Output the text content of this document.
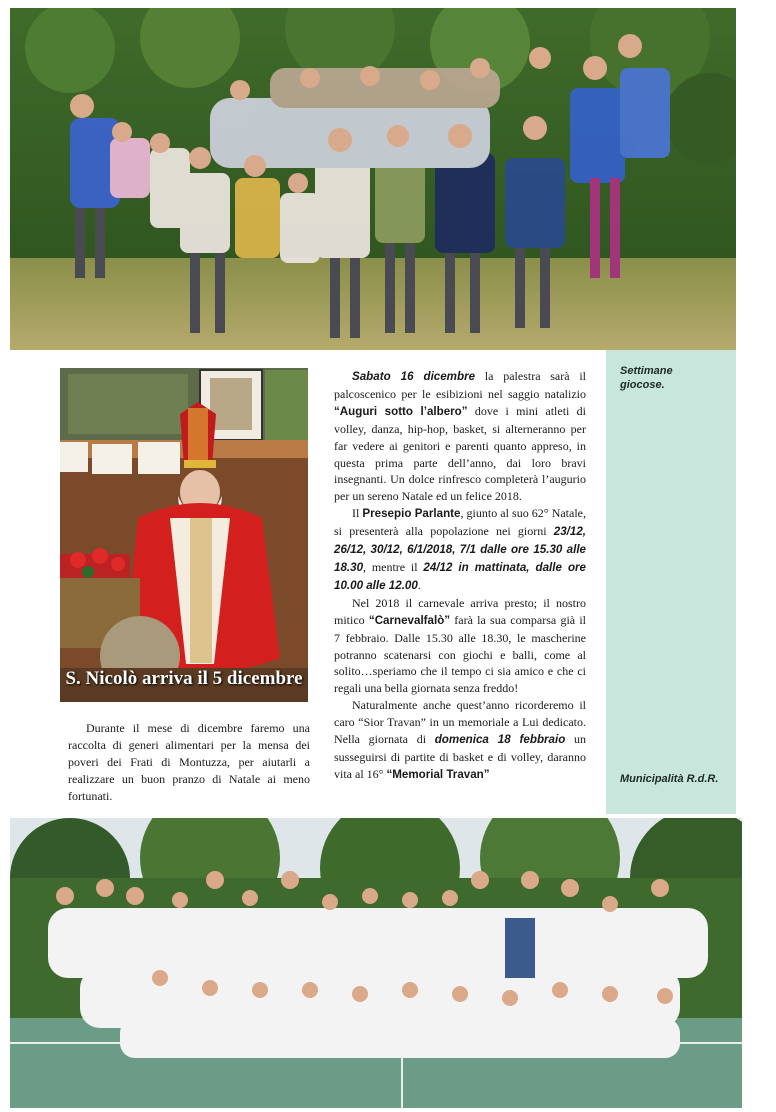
Settimane giocose.
Municipalità R.d.R.
S. Nicolò arriva il 5 dicembre
Durante il mese di dicembre faremo una raccolta di generi alimentari per la mensa dei poveri dei Frati di Montuzza, per aiutarli a realizzare un buon pranzo di Natale ai meno fortunati.

Sabato 16 dicembre la palestra sarà il palcoscenico per le esibizioni nel saggio natalizio “Auguri sotto l’albero” dove i mini atleti di volley, danza, hip-hop, basket, si alterneranno per far vedere ai genitori e parenti quanto appreso, in questa prima parte dell’anno, dai loro bravi insegnanti. Un dolce rinfresco completerà l’augurio per un sereno Natale ed un felice 2018.

Il Presepio Parlante, giunto al suo 62° Natale, si presenterà alla popolazione nei giorni 23/12, 26/12, 30/12, 6/1/2018, 7/1 dalle ore 15.30 alle 18.30, mentre il 24/12 in mattinata, dalle ore 10.00 alle 12.00.

Nel 2018 il carnevale arriva presto; il nostro mitico “Carnevalfalò” farà la sua comparsa già il 7 febbraio. Dalle 15.30 alle 18.30, le mascherine potranno scatenarsi con giochi e balli, come al solito…speriamo che il tempo ci sia amico e che ci regali una bella giornata senza freddo!

Naturalmente anche quest’anno ricorderemo il caro “Sior Travan” in un memoriale a Lui dedicato. Nella giornata di domenica 18 febbraio un susseguirsi di partite di basket e di volley, daranno vita al 16° “Memorial Travan”
